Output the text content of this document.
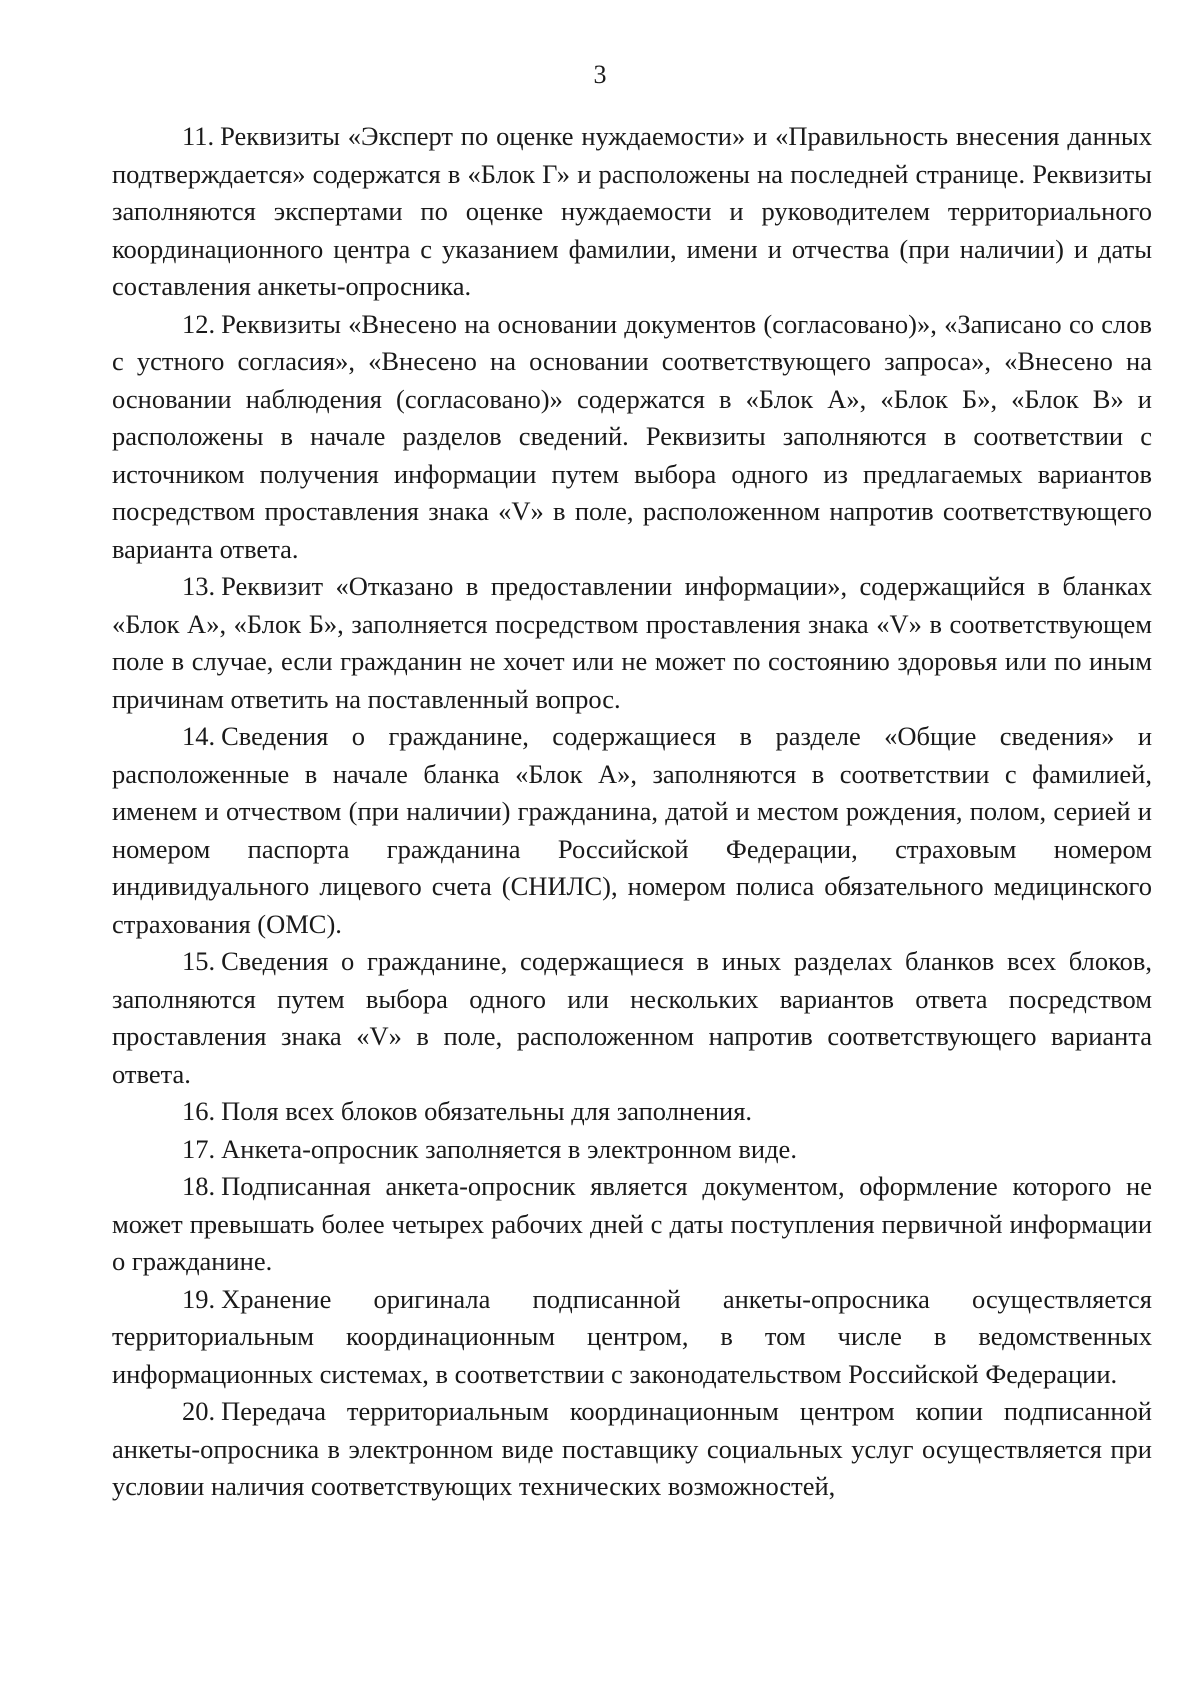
3

11. Реквизиты «Эксперт по оценке нуждаемости» и «Правильность внесения данных подтверждается» содержатся в «Блок Г» и расположены на последней странице. Реквизиты заполняются экспертами по оценке нуждаемости и руководителем территориального координационного центра с указанием фамилии, имени и отчества (при наличии) и даты составления анкеты-опросника.

12. Реквизиты «Внесено на основании документов (согласовано)», «Записано со слов с устного согласия», «Внесено на основании соответствующего запроса», «Внесено на основании наблюдения (согласовано)» содержатся в «Блок А», «Блок Б», «Блок В» и расположены в начале разделов сведений. Реквизиты заполняются в соответствии с источником получения информации путем выбора одного из предлагаемых вариантов посредством проставления знака «V» в поле, расположенном напротив соответствующего варианта ответа.

13. Реквизит «Отказано в предоставлении информации», содержащийся в бланках «Блок А», «Блок Б», заполняется посредством проставления знака «V» в соответствующем поле в случае, если гражданин не хочет или не может по состоянию здоровья или по иным причинам ответить на поставленный вопрос.

14. Сведения о гражданине, содержащиеся в разделе «Общие сведения» и расположенные в начале бланка «Блок А», заполняются в соответствии с фамилией, именем и отчеством (при наличии) гражданина, датой и местом рождения, полом, серией и номером паспорта гражданина Российской Федерации, страховым номером индивидуального лицевого счета (СНИЛС), номером полиса обязательного медицинского страхования (ОМС).

15. Сведения о гражданине, содержащиеся в иных разделах бланков всех блоков, заполняются путем выбора одного или нескольких вариантов ответа посредством проставления знака «V» в поле, расположенном напротив соответствующего варианта ответа.

16. Поля всех блоков обязательны для заполнения.

17. Анкета-опросник заполняется в электронном виде.

18. Подписанная анкета-опросник является документом, оформление которого не может превышать более четырех рабочих дней с даты поступления первичной информации о гражданине.

19. Хранение оригинала подписанной анкеты-опросника осуществляется территориальным координационным центром, в том числе в ведомственных информационных системах, в соответствии с законодательством Российской Федерации.

20. Передача территориальным координационным центром копии подписанной анкеты-опросника в электронном виде поставщику социальных услуг осуществляется при условии наличия соответствующих технических возможностей,
